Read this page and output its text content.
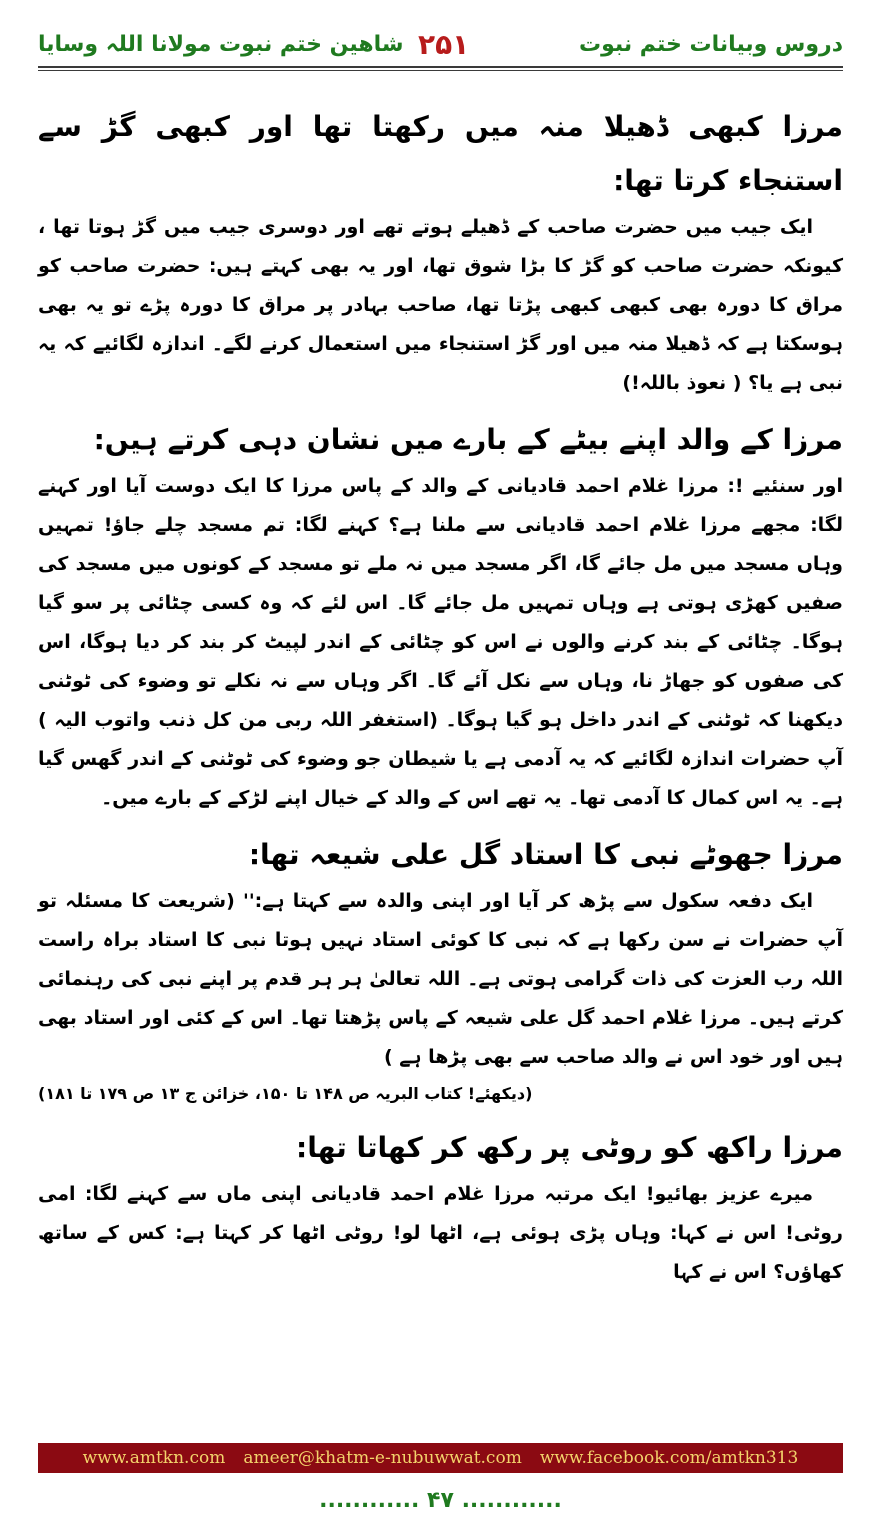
دروس وبیانات ختم نبوت
۲۵۱
شاھین ختم نبوت مولانا اللہ وسایا
مرزا کبھی ڈھیلا منہ میں رکھتا تھا اور کبھی گڑ سے استنجاء کرتا تھا:

ایک جیب میں حضرت صاحب کے ڈھیلے ہوتے تھے اور دوسری جیب میں گڑ ہوتا تھا ، کیونکہ حضرت صاحب کو گڑ کا بڑا شوق تھا، اور یہ بھی کہتے ہیں: حضرت صاحب کو مراق کا دورہ بھی کبھی کبھی پڑتا تھا، صاحب بہادر پر مراق کا دورہ پڑے تو یہ بھی ہوسکتا ہے کہ ڈھیلا منہ میں اور گڑ استنجاء میں استعمال کرنے لگے۔ اندازہ لگائیے کہ یہ نبی ہے یا؟ ( نعوذ باللہ!)

مرزا کے والد اپنے بیٹے کے بارے میں نشان دہی کرتے ہیں:

اور سنئیے !: مرزا غلام احمد قادیانی کے والد کے پاس مرزا کا ایک دوست آیا اور کہنے لگا: مجھے مرزا غلام احمد قادیانی سے ملنا ہے؟ کہنے لگا: تم مسجد چلے جاؤ! تمہیں وہاں مسجد میں مل جائے گا، اگر مسجد میں نہ ملے تو مسجد کے کونوں میں مسجد کی صفیں کھڑی ہوتی ہے وہاں تمہیں مل جائے گا۔ اس لئے کہ وہ کسی چٹائی پر سو گیا ہوگا۔ چٹائی کے بند کرنے والوں نے اس کو چٹائی کے اندر لپیٹ کر بند کر دیا ہوگا، اس کی صفوں کو جھاڑ نا، وہاں سے نکل آئے گا۔ اگر وہاں سے نہ نکلے تو وضوء کی ٹوٹنی دیکھنا کہ ٹوٹنی کے اندر داخل ہو گیا ہوگا۔ (استغفر اللہ ربی من کل ذنب واتوب الیہ ) آپ حضرات اندازہ لگائیے کہ یہ آدمی ہے یا شیطان جو وضوء کی ٹوٹنی کے اندر گھس گیا ہے۔ یہ اس کمال کا آدمی تھا۔ یہ تھے اس کے والد کے خیال اپنے لڑکے کے بارے میں۔

مرزا جھوٹے نبی کا استاد گل علی شیعہ تھا:

ایک دفعہ سکول سے پڑھ کر آیا اور اپنی والدہ سے کہتا ہے:'' (شریعت کا مسئلہ تو آپ حضرات نے سن رکھا ہے کہ نبی کا کوئی استاد نہیں ہوتا نبی کا استاد براہ راست اللہ رب العزت کی ذات گرامی ہوتی ہے۔ اللہ تعالیٰ ہر ہر قدم پر اپنے نبی کی رہنمائی کرتے ہیں۔ مرزا غلام احمد گل علی شیعہ کے پاس پڑھتا تھا۔ اس کے کئی اور استاد بھی ہیں اور خود اس نے والد صاحب سے بھی پڑھا ہے )

(دیکھئے! کتاب البریہ ص ۱۴۸ تا ۱۵۰، خزائن ج ۱۳ ص ۱۷۹ تا ۱۸۱)

مرزا راکھ کو روٹی پر رکھ کر کھاتا تھا:

میرے عزیز بھائیو! ایک مرتبہ مرزا غلام احمد قادیانی اپنی ماں سے کہنے لگا: امی روٹی! اس نے کہا: وہاں پڑی ہوئی ہے، اٹھا لو! روٹی اٹھا کر کہتا ہے: کس کے ساتھ کھاؤں؟ اس نے کہا

www.amtkn.com ameer@khatm-e-nubuwwat.com www.facebook.com/amtkn313
............ ۴۷ ............
